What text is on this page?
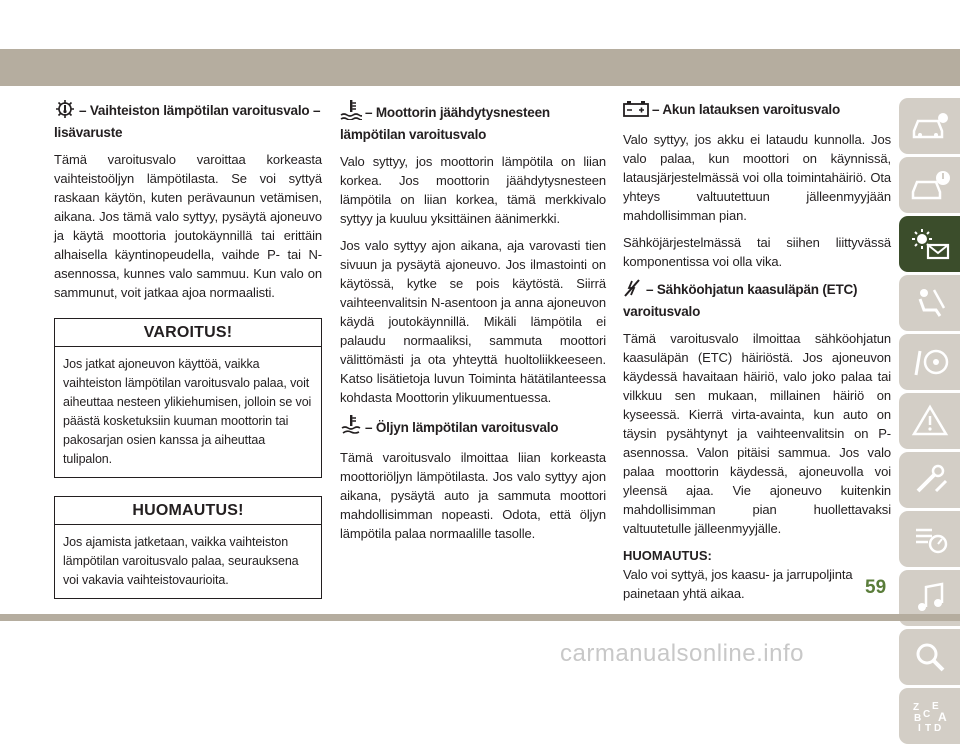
– Vaihteiston lämpötilan varoitusvalo – lisävaruste

Tämä varoitusvalo varoittaa korkeasta vaihteistoöljyn lämpötilasta. Se voi syttyä raskaan käytön, kuten perävaunun vetämisen, aikana. Jos tämä valo syttyy, pysäytä ajoneuvo ja käytä moottoria joutokäynnillä tai erittäin alhaisella käyntinopeudella, vaihde P- tai N-asennossa, kunnes valo sammuu. Kun valo on sammunut, voit jatkaa ajoa normaalisti.

VAROITUS!

Jos jatkat ajoneuvon käyttöä, vaikka vaihteiston lämpötilan varoitusvalo palaa, voit aiheuttaa nesteen ylikiehumisen, jolloin se voi päästä kosketuksiin kuuman moottorin tai pakosarjan osien kanssa ja aiheuttaa tulipalon.

HUOMAUTUS!

Jos ajamista jatketaan, vaikka vaihteiston lämpötilan varoitusvalo palaa, seurauksena voi vakavia vaihteistovaurioita.

– Moottorin jäähdytysnesteen lämpötilan varoitusvalo

Valo syttyy, jos moottorin lämpötila on liian korkea. Jos moottorin jäähdytysnesteen lämpötila on liian korkea, tämä merkkivalo syttyy ja kuuluu yksittäinen äänimerkki.

Jos valo syttyy ajon aikana, aja varovasti tien sivuun ja pysäytä ajoneuvo. Jos ilmastointi on käytössä, kytke se pois käytöstä. Siirrä vaihteenvalitsin N-asentoon ja anna ajoneuvon käydä joutokäynnillä. Mikäli lämpötila ei palaudu normaaliksi, sammuta moottori välittömästi ja ota yhteyttä huoltoliikkeeseen. Katso lisätietoja luvun Toiminta hätätilanteessa kohdasta Moottorin ylikuumentuessa.

– Öljyn lämpötilan varoitusvalo

Tämä varoitusvalo ilmoittaa liian korkeasta moottoriöljyn lämpötilasta. Jos valo syttyy ajon aikana, pysäytä auto ja sammuta moottori mahdollisimman nopeasti. Odota, että öljyn lämpötila palaa normaalille tasolle.

– Akun latauksen varoitusvalo

Valo syttyy, jos akku ei lataudu kunnolla. Jos valo palaa, kun moottori on käynnissä, latausjärjestelmässä voi olla toimintahäiriö. Ota yhteys valtuutettuun jälleenmyyjään mahdollisimman pian.

Sähköjärjestelmässä tai siihen liittyvässä komponentissa voi olla vika.

– Sähköohjatun kaasuläpän (ETC) varoitusvalo

Tämä varoitusvalo ilmoittaa sähköohjatun kaasuläpän (ETC) häiriöstä. Jos ajoneuvon käydessä havaitaan häiriö, valo joko palaa tai vilkkuu sen mukaan, millainen häiriö on kyseessä. Kierrä virta-avainta, kun auto on täysin pysähtynyt ja vaihteenvalitsin on P-asennossa. Valon pitäisi sammua. Jos valo palaa moottorin käydessä, ajoneuvolla voi yleensä ajaa. Vie ajoneuvo kuitenkin mahdollisimman pian huollettavaksi valtuutetulle jälleenmyyjälle.

HUOMAUTUS:

Valo voi syttyä, jos kaasu- ja jarrupoljinta painetaan yhtä aikaa.

Z E
B C A
D
I T
59
carmanualsonline.info
